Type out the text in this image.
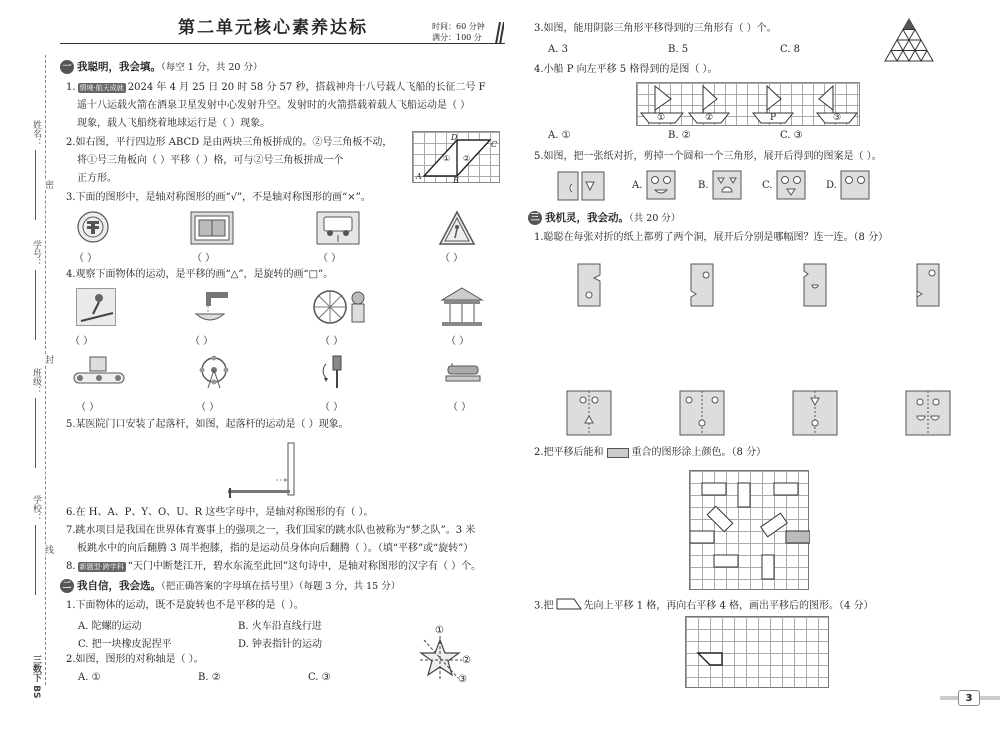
姓名：
学号：
班级：
学校：
密
封
线
三数下 BS
第二单元核心素养达标	时间：60 分钟
满分：100 分
一 我聪明，我会填。（每空 1 分，共 20 分）
1. 情境·航天成就 2024 年 4 月 25 日 20 时 58 分 57 秒，搭载神舟十八号载人飞船的长征二号 F
遥十八运载火箭在酒泉卫星发射中心发射升空。发射时的火箭搭载着载人飞船运动是（ ）
现象，载人飞船绕着地球运行是（ ）现象。
2.如右图，平行四边形 ABCD 是由两块三角板拼成的。②号三角板不动，
将①号三角板向（ ）平移（ ）格，可与②号三角板拼成一个
正方形。	A	B
C
D
① ②
3.下面的图形中，是轴对称图形的画“√”，不是轴对称图形的画“×”。
（ ）	（ ）	（ ）	（ ）
4.观察下面物体的运动，是平移的画“△”，是旋转的画“□”。
（ ）	（ ）	（ ）	（ ）
（ ）	（ ）	（ ）	（ ）
5.某医院门口安装了起落杆，如图，起落杆的运动是（ ）现象。
6.在 H、A、P、Y、O、U、R 这些字母中，是轴对称图形的有（ ）。
7.跳水项目是我国在世界体育赛事上的强项之一，我们国家的跳水队也被称为“梦之队”。3 米
板跳水中的向后翻腾 3 周半抱膝，指的是运动员身体向后翻腾（ ）。（填“平移”或“旋转”）
8. 新题型·跨学科 “天门中断楚江开，碧水东流至此回”这句诗中，是轴对称图形的汉字有（ ）个。
二 我自信，我会选。（把正确答案的字母填在括号里）（每题 3 分，共 15 分）
1.下面物体的运动，既不是旋转也不是平移的是（ ）。
A. 陀螺的运动	B. 火车沿直线行进
C. 把一块橡皮泥捏平	D. 钟表指针的运动
2.如图，图形的对称轴是（ ）。
A. ①	B. ②	C. ③
①
②
③
3.如图，能用阴影三角形平移得到的三角形有（ ）个。
A. 3	B. 5	C. 8
4.小船 P 向左平移 5 格得到的是图（ ）。
①	②	P	③
A. ①	B. ②	C. ③
5.如图，把一张纸对折，剪掉一个圆和一个三角形，展开后得到的图案是（ ）。
A.	B.	C.	D.
三 我机灵，我会动。（共 20 分）
1.聪聪在每张对折的纸上都剪了两个洞，展开后分别是哪幅图？连一连。（8 分）
2.把平移后能和	重合的图形涂上颜色。（8 分）
3.把	先向上平移 1 格，再向右平移 4 格，画出平移后的图形。（4 分）
3
